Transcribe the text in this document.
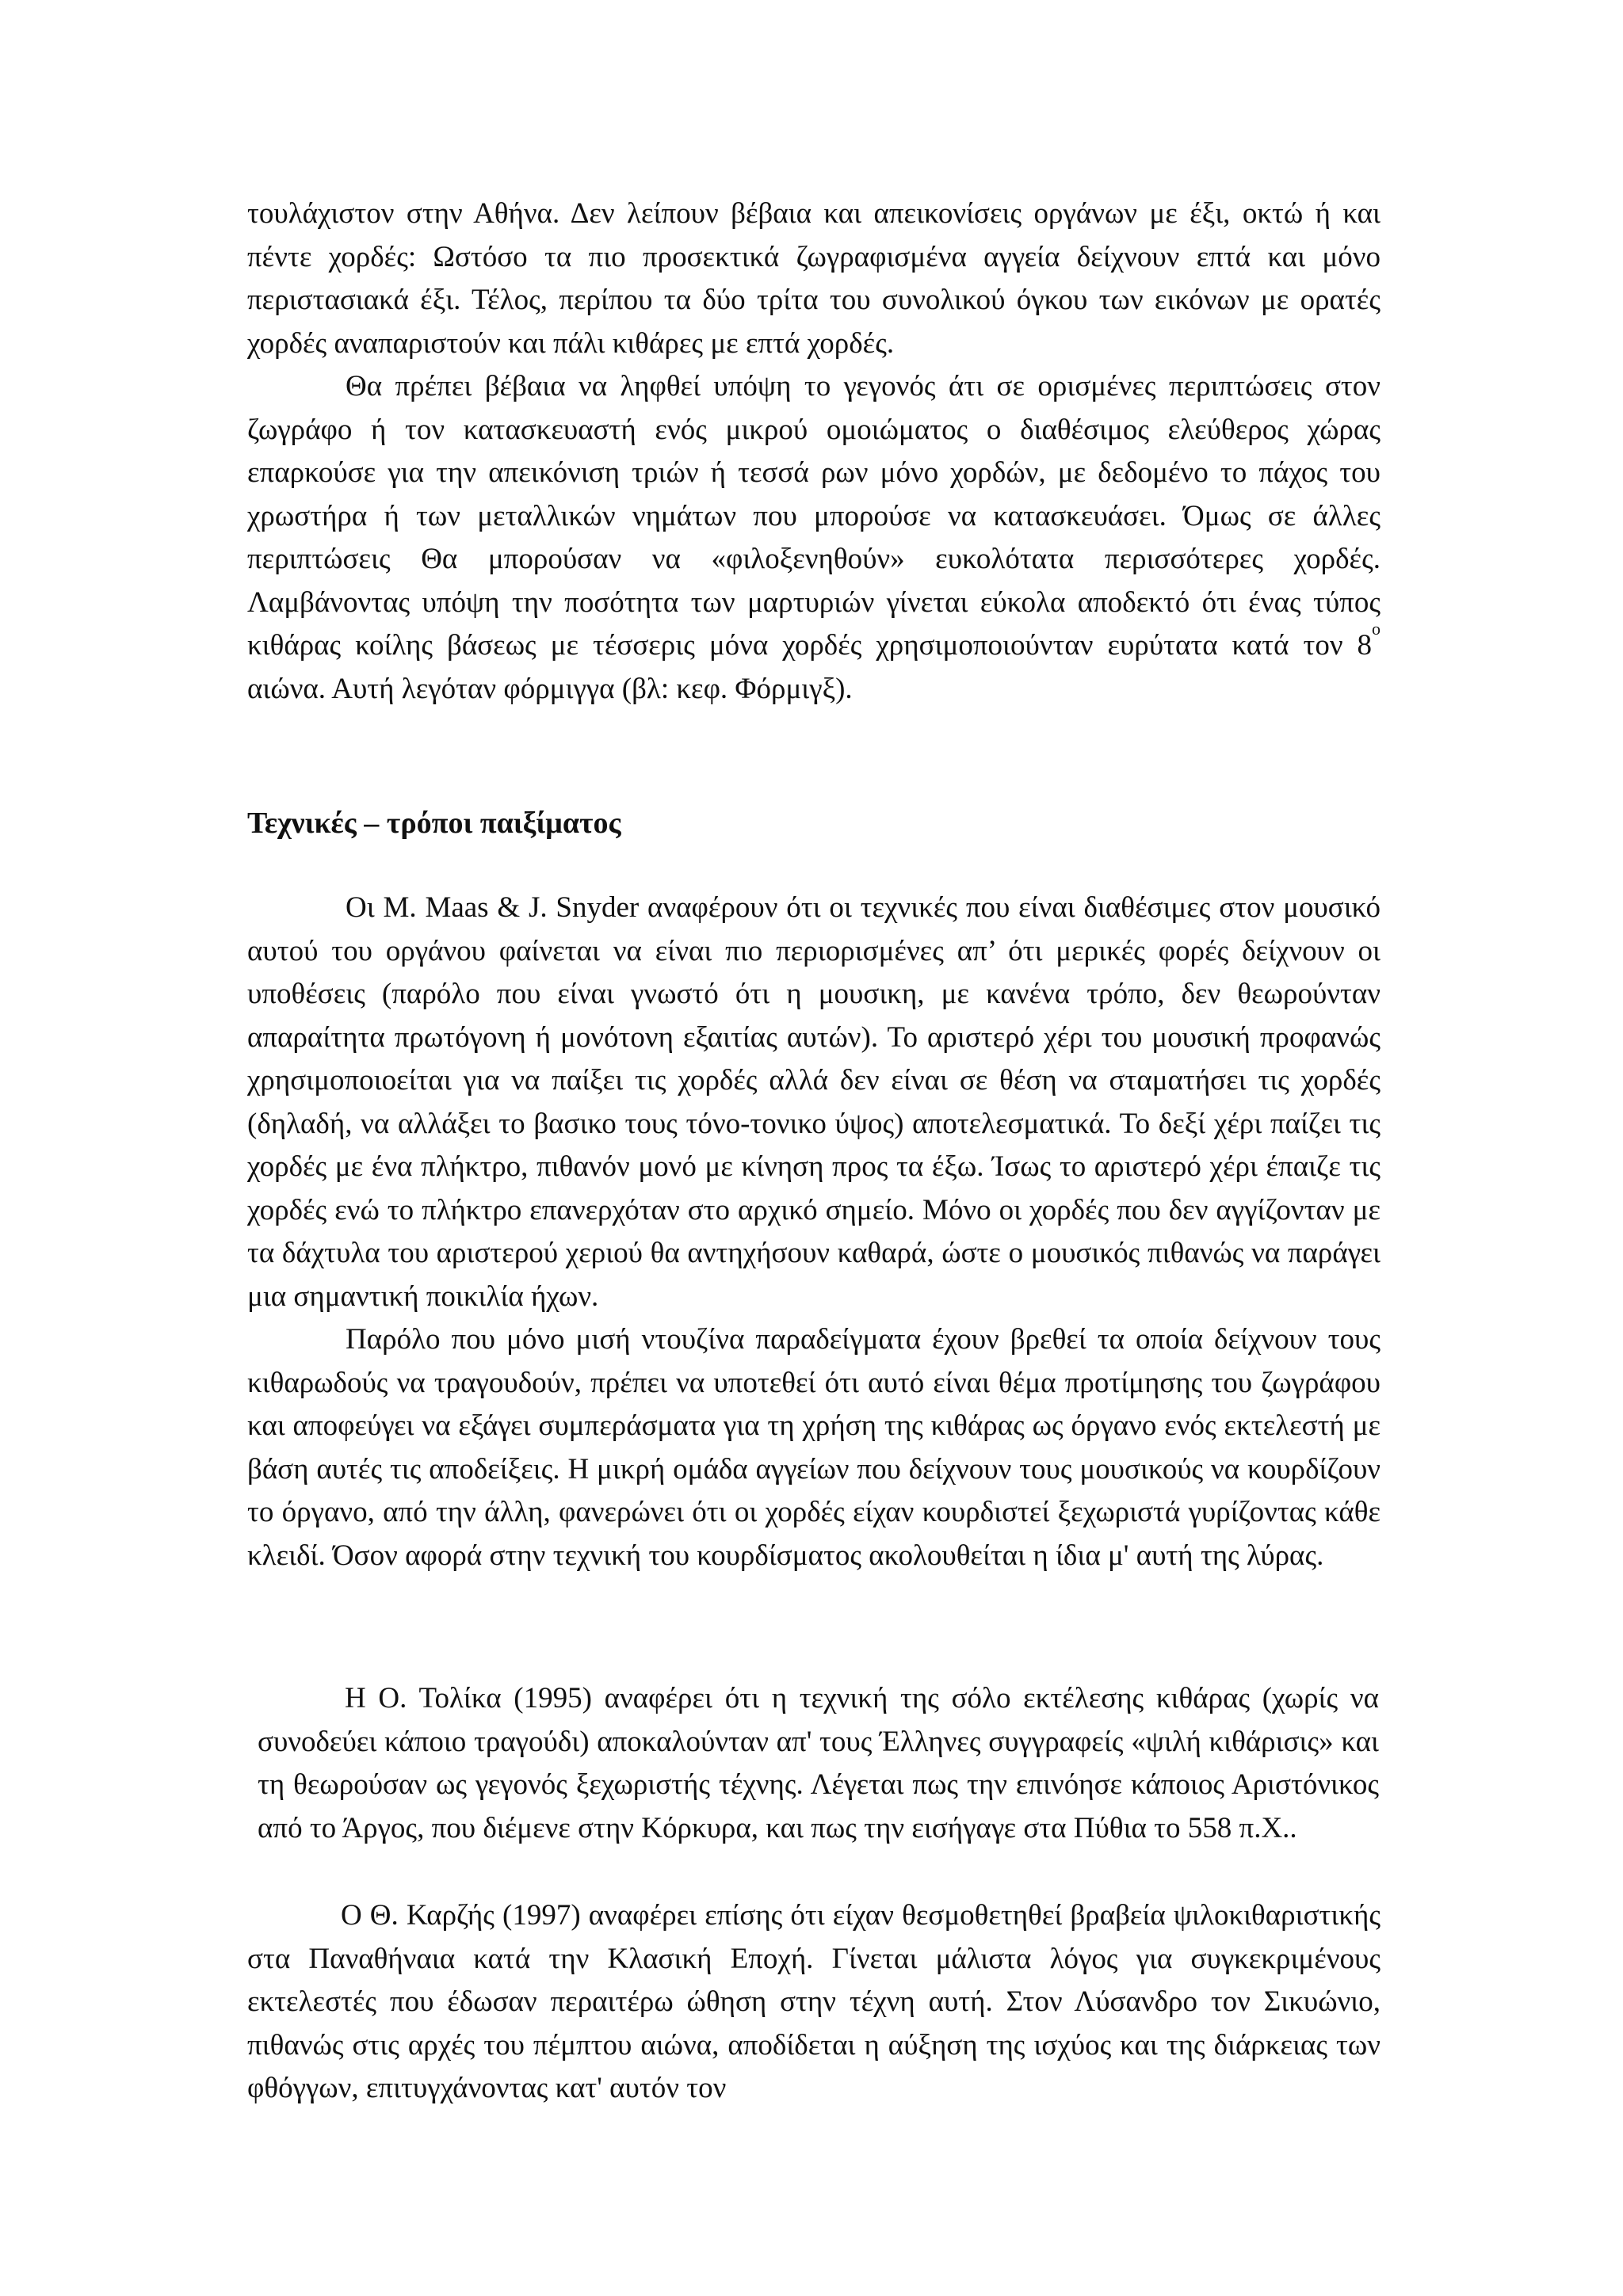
τουλάχιστον στην Αθήνα. Δεν λείπουν βέβαια και απεικονίσεις οργάνων με έξι, οκτώ ή και πέντε χορδές: Ωστόσο τα πιο προσεκτικά ζωγραφισμένα αγγεία δείχνουν επτά και μόνο περιστασιακά έξι. Τέλος, περίπου τα δύο τρίτα του συνολικού όγκου των εικόνων με ορατές χορδές αναπαριστούν και πάλι κιθάρες με επτά χορδές.

Θα πρέπει βέβαια να ληφθεί υπόψη το γεγονός άτι σε ορισμένες περιπτώσεις στον ζωγράφο ή τον κατασκευαστή ενός μικρού ομοιώματος ο διαθέσιμος ελεύθερος χώρας επαρκούσε για την απεικόνιση τριών ή τεσσά ρων μόνο χορδών, με δεδομένο το πάχος του χρωστήρα ή των μεταλλικών νημάτων που μπορούσε να κατασκευάσει. Όμως σε άλλες περιπτώσεις Θα μπορούσαν να «φιλοξενηθούν» ευκολότατα περισσότερες χορδές. Λαμβάνοντας υπόψη την ποσότητα των μαρτυριών γίνεται εύκολα αποδεκτό ότι ένας τύπος κιθάρας κοίλης βάσεως με τέσσερις μόνα χορδές χρησιμοποιούνταν ευρύτατα κατά τον $8^o$ αιώνα. Αυτή λεγόταν φόρμιγγα (βλ: κεφ. Φόρμιγξ).

Τεχνικές – τρόποι παιξίματος

Οι M. Maas & J. Snyder αναφέρουν ότι οι τεχνικές που είναι διαθέσιμες στον μουσικό αυτού του οργάνου φαίνεται να είναι πιο περιορισμένες απ’ ότι μερικές φορές δείχνουν οι υποθέσεις (παρόλο που είναι γνωστό ότι η μουσικη, με κανένα τρόπο, δεν θεωρούνταν απαραίτητα πρωτόγονη ή μονότονη εξαιτίας αυτών). Το αριστερό χέρι του μουσική προφανώς χρησιμοποιοείται για να παίξει τις χορδές αλλά δεν είναι σε θέση να σταματήσει τις χορδές (δηλαδή, να αλλάξει το βασικο τους τόνο-τονικο ύψος) αποτελεσματικά. Το δεξί χέρι παίζει τις χορδές με ένα πλήκτρο, πιθανόν μονό με κίνηση προς τα έξω. Ίσως το αριστερό χέρι έπαιζε τις χορδές ενώ το πλήκτρο επανερχόταν στο αρχικό σημείο. Μόνο οι χορδές που δεν αγγίζονταν με τα δάχτυλα του αριστερού χεριού θα αντηχήσουν καθαρά, ώστε ο μουσικός πιθανώς να παράγει μια σημαντική ποικιλία ήχων.

Παρόλο που μόνο μισή ντουζίνα παραδείγματα έχουν βρεθεί τα οποία δείχνουν τους κιθαρωδούς να τραγουδούν, πρέπει να υποτεθεί ότι αυτό είναι θέμα προτίμησης του ζωγράφου και αποφεύγει να εξάγει συμπεράσματα για τη χρήση της κιθάρας ως όργανο ενός εκτελεστή με βάση αυτές τις αποδείξεις. Η μικρή ομάδα αγγείων που δείχνουν τους μουσικούς να κουρδίζουν το όργανο, από την άλλη, φανερώνει ότι οι χορδές είχαν κουρδιστεί ξεχωριστά γυρίζοντας κάθε κλειδί. Όσον αφορά στην τεχνική του κουρδίσματος ακολουθείται η ίδια μ' αυτή της λύρας.

Η Ο. Τολίκα (1995) αναφέρει ότι η τεχνική της σόλο εκτέλεσης κιθάρας (χωρίς να συνοδεύει κάποιο τραγούδι) αποκαλούνταν απ' τους Έλληνες συγγραφείς «ψιλή κιθάρισις» και τη θεωρούσαν ως γεγονός ξεχωριστής τέχνης. Λέγεται πως την επινόησε κάποιος Αριστόνικος από το Άργος, που διέμενε στην Κόρκυρα, και πως την εισήγαγε στα Πύθια το 558 π.Χ..

Ο Θ. Καρζής (1997) αναφέρει επίσης ότι είχαν θεσμοθετηθεί βραβεία ψιλοκιθαριστικής στα Παναθήναια κατά την Κλασική Εποχή. Γίνεται μάλιστα λόγος για συγκεκριμένους εκτελεστές που έδωσαν περαιτέρω ώθηση στην τέχνη αυτή. Στον Λύσανδρο τον Σικυώνιο, πιθανώς στις αρχές του πέμπτου αιώνα, αποδίδεται η αύξηση της ισχύος και της διάρκειας των φθόγγων, επιτυγχάνοντας κατ' αυτόν τον
